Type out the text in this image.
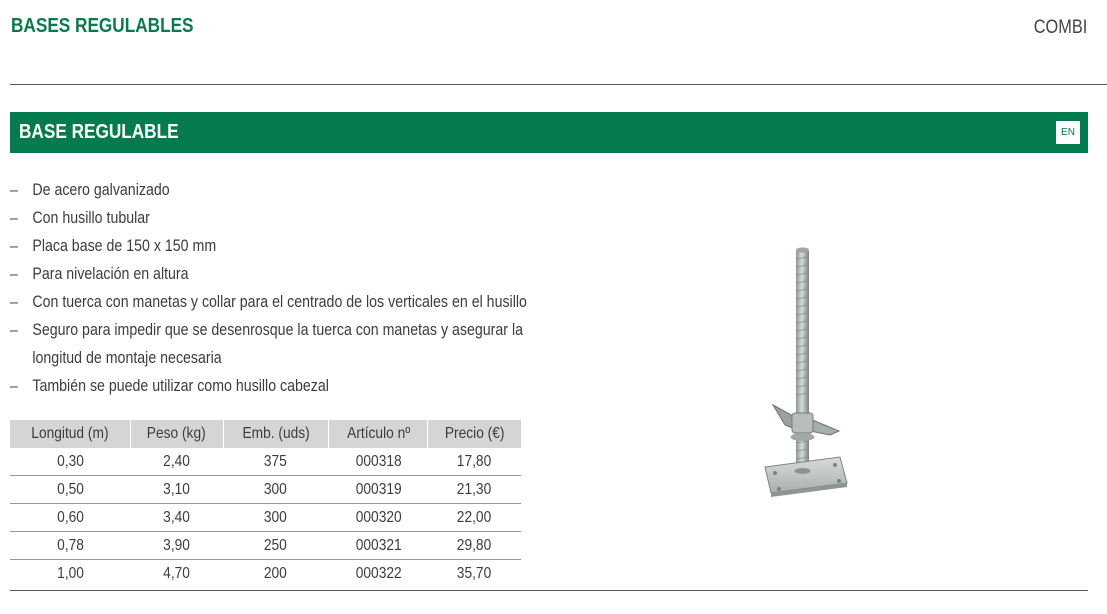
BASES REGULABLES	COMBI
BASE REGULABLE	EN
– De acero galvanizado
– Con husillo tubular
– Placa base de 150 x 150 mm
– Para nivelación en altura
– Con tuerca con manetas y collar para el centrado de los verticales en el husillo
– Seguro para impedir que se desenrosque la tuerca con manetas y asegurar la
longitud de montaje necesaria
– También se puede utilizar como husillo cabezal
Longitud (m)	Peso (kg)	Emb. (uds)	Artículo nº	Precio (€)
0,30	2,40	375	000318	17,80
0,50	3,10	300	000319	21,30
0,60	3,40	300	000320	22,00
0,78	3,90	250	000321	29,80
1,00	4,70	200	000322	35,70
